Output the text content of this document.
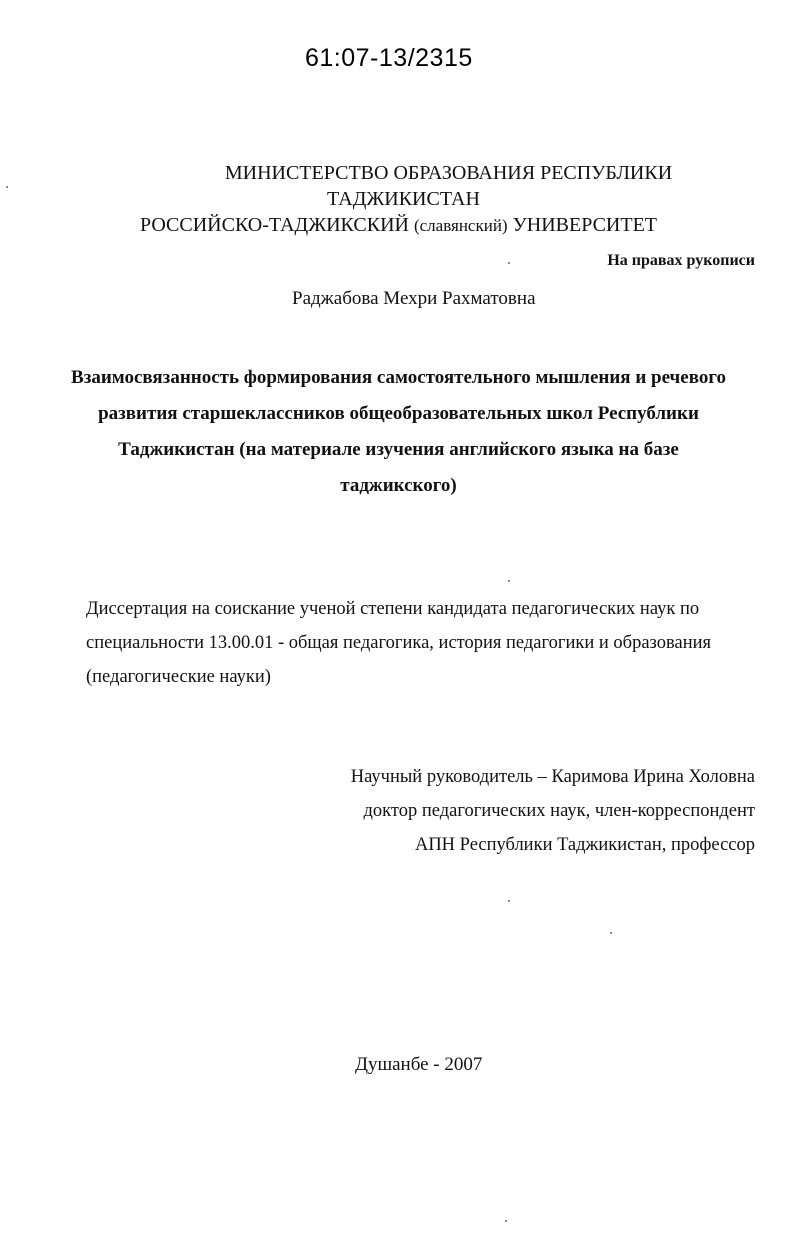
61:07-13/2315
МИНИСТЕРСТВО ОБРАЗОВАНИЯ РЕСПУБЛИКИ
ТАДЖИКИСТАН
РОССИЙСКО-ТАДЖИКСКИЙ (славянский) УНИВЕРСИТЕТ
На правах рукописи
Раджабова Мехри Рахматовна
Взаимосвязанность формирования самостоятельного мышления и речевого
развития старшеклассников общеобразовательных школ Республики
Таджикистан (на материале изучения английского языка на базе
таджикского)
Диссертация на соискание ученой степени кандидата педагогических наук по
специальности 13.00.01 - общая педагогика, история педагогики и образования
(педагогические науки)
Научный руководитель – Каримова Ирина Холовна
доктор педагогических наук, член-корреспондент
АПН Республики Таджикистан, профессор
Душанбе - 2007
